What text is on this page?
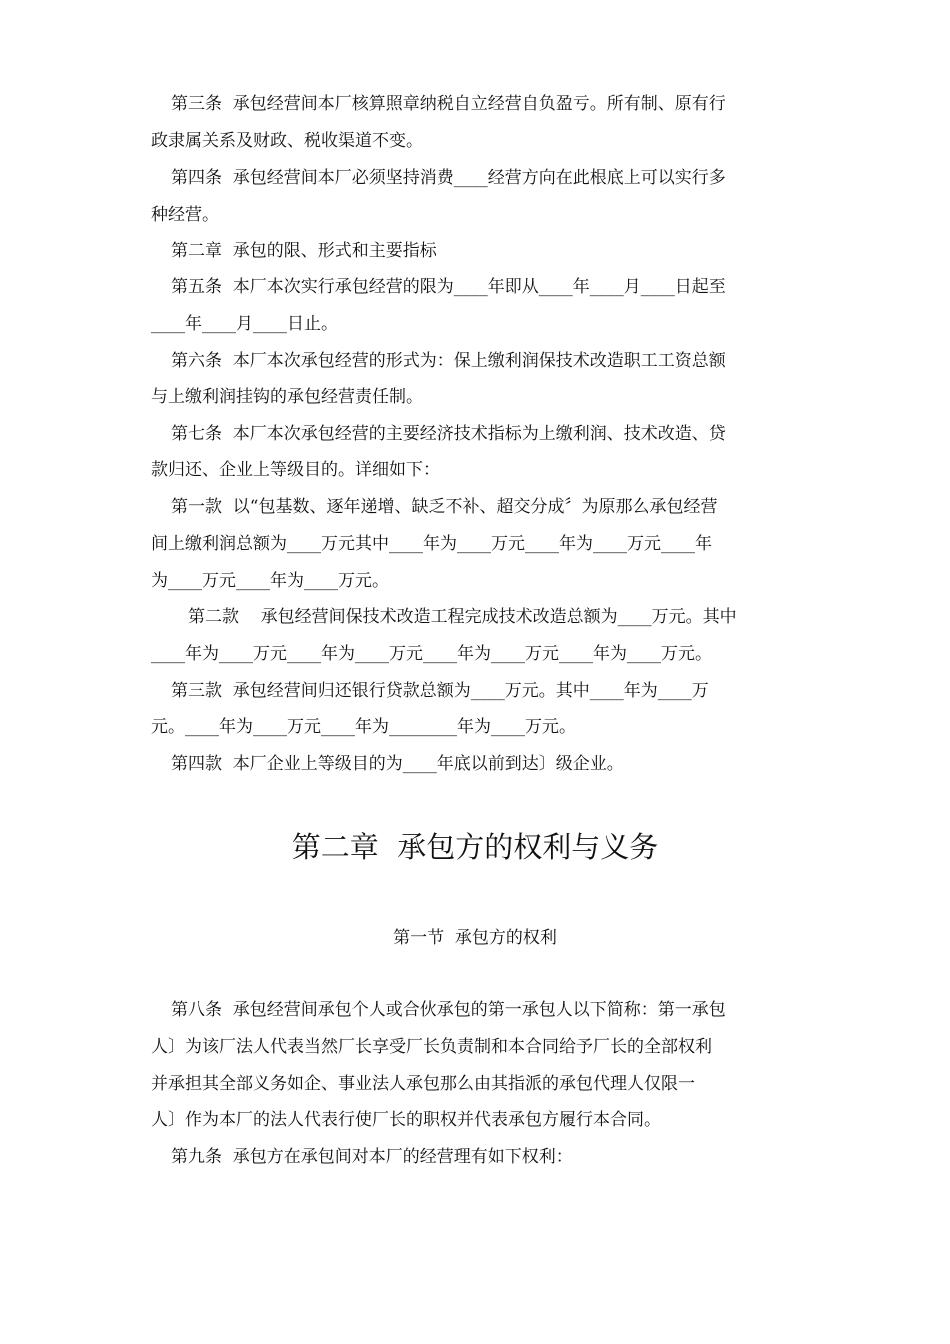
第三条  承包经营间本厂核算照章纳税自立经营自负盈亏。所有制、原有行
政隶属关系及财政、税收渠道不变。
第四条  承包经营间本厂必须坚持消费____经营方向在此根底上可以实行多
种经营。
第二章  承包的限、形式和主要指标
第五条  本厂本次实行承包经营的限为____年即从____年____月____日起至
____年____月____日止。
第六条  本厂本次承包经营的形式为：保上缴利润保技术改造职工工资总额
与上缴利润挂钩的承包经营责任制。
第七条  本厂本次承包经营的主要经济技术指标为上缴利润、技术改造、贷
款归还、企业上等级目的。详细如下：
第一款  以“包基数、逐年递增、缺乏不补、超交分成〞为原那么承包经营
间上缴利润总额为____万元其中____年为____万元____年为____万元____年
为____万元____年为____万元。
第二款    承包经营间保技术改造工程完成技术改造总额为____万元。其中
____年为____万元____年为____万元____年为____万元____年为____万元。
第三款  承包经营间归还银行贷款总额为____万元。其中____年为____万
元。____年为____万元____年为________年为____万元。
第四款  本厂企业上等级目的为____年底以前到达〕级企业。
第二章  承包方的权利与义务
第一节  承包方的权利
第八条  承包经营间承包个人或合伙承包的第一承包人以下简称：第一承包
人〕为该厂法人代表当然厂长享受厂长负责制和本合同给予厂长的全部权利
并承担其全部义务如企、事业法人承包那么由其指派的承包代理人仅限一
人〕作为本厂的法人代表行使厂长的职权并代表承包方履行本合同。
第九条  承包方在承包间对本厂的经营理有如下权利：
